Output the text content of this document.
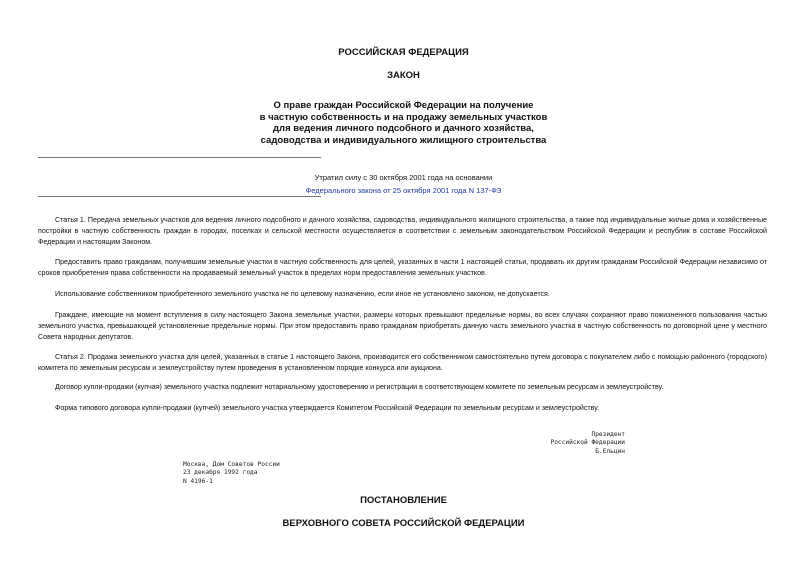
РОССИЙСКАЯ ФЕДЕРАЦИЯ
ЗАКОН
О праве граждан Российской Федерации на получение
в частную собственность и на продажу земельных участков
для ведения личного подсобного и дачного хозяйства,
садоводства и индивидуального жилищного строительства
Утратил силу с 30 октября 2001 года на основании
Федерального закона от 25 октября 2001 года N 137-ФЗ

Статья 1. Передача земельных участков для ведения личного подсобного и дачного хозяйства, садоводства, индивидуального жилищного строительства, а также под индивидуальные жилые дома и хозяйственные постройки в частную собственность граждан в городах, поселках и сельской местности осуществляется в соответствии с земельным законодательством Российской Федерации и республик в составе Российской Федерации и настоящим Законом.

Предоставить право гражданам, получившим земельные участки в частную собственность для целей, указанных в части 1 настоящей статьи, продавать их другим гражданам Российской Федерации независимо от сроков приобретения права собственности на продаваемый земельный участок в пределах норм предоставления земельных участков.

Использование собственником приобретенного земельного участка не по целевому назначению, если иное не установлено законом, не допускается.

Граждане, имеющие на момент вступления в силу настоящего Закона земельные участки, размеры которых превышают предельные нормы, во всех случаях сохраняют право пожизненного пользования частью земельного участка, превышающей установленные предельные нормы. При этом предоставить право гражданам приобретать данную часть земельного участка в частную собственность по договорной цене у местного Совета народных депутатов.

Статья 2. Продажа земельного участка для целей, указанных в статье 1 настоящего Закона, производится его собственником самостоятельно путем договора с покупателем либо с помощью районного (городского) комитета по земельным ресурсам и землеустройству путем проведения в установленном порядке конкурса или аукциона.

Договор купли-продажи (купчая) земельного участка подлежит нотариальному удостоверению и регистрации в соответствующем комитете по земельным ресурсам и землеустройству.

Форма типового договора купли-продажи (купчей) земельного участка утверждается Комитетом Российской Федерации по земельным ресурсам и землеустройству.

Президент
Российской Федерации
Б.Ельцин
Москва, Дом Советов России
23 декабря 1992 года
N 4196-1
ПОСТАНОВЛЕНИЕ
ВЕРХОВНОГО СОВЕТА РОССИЙСКОЙ ФЕДЕРАЦИИ
